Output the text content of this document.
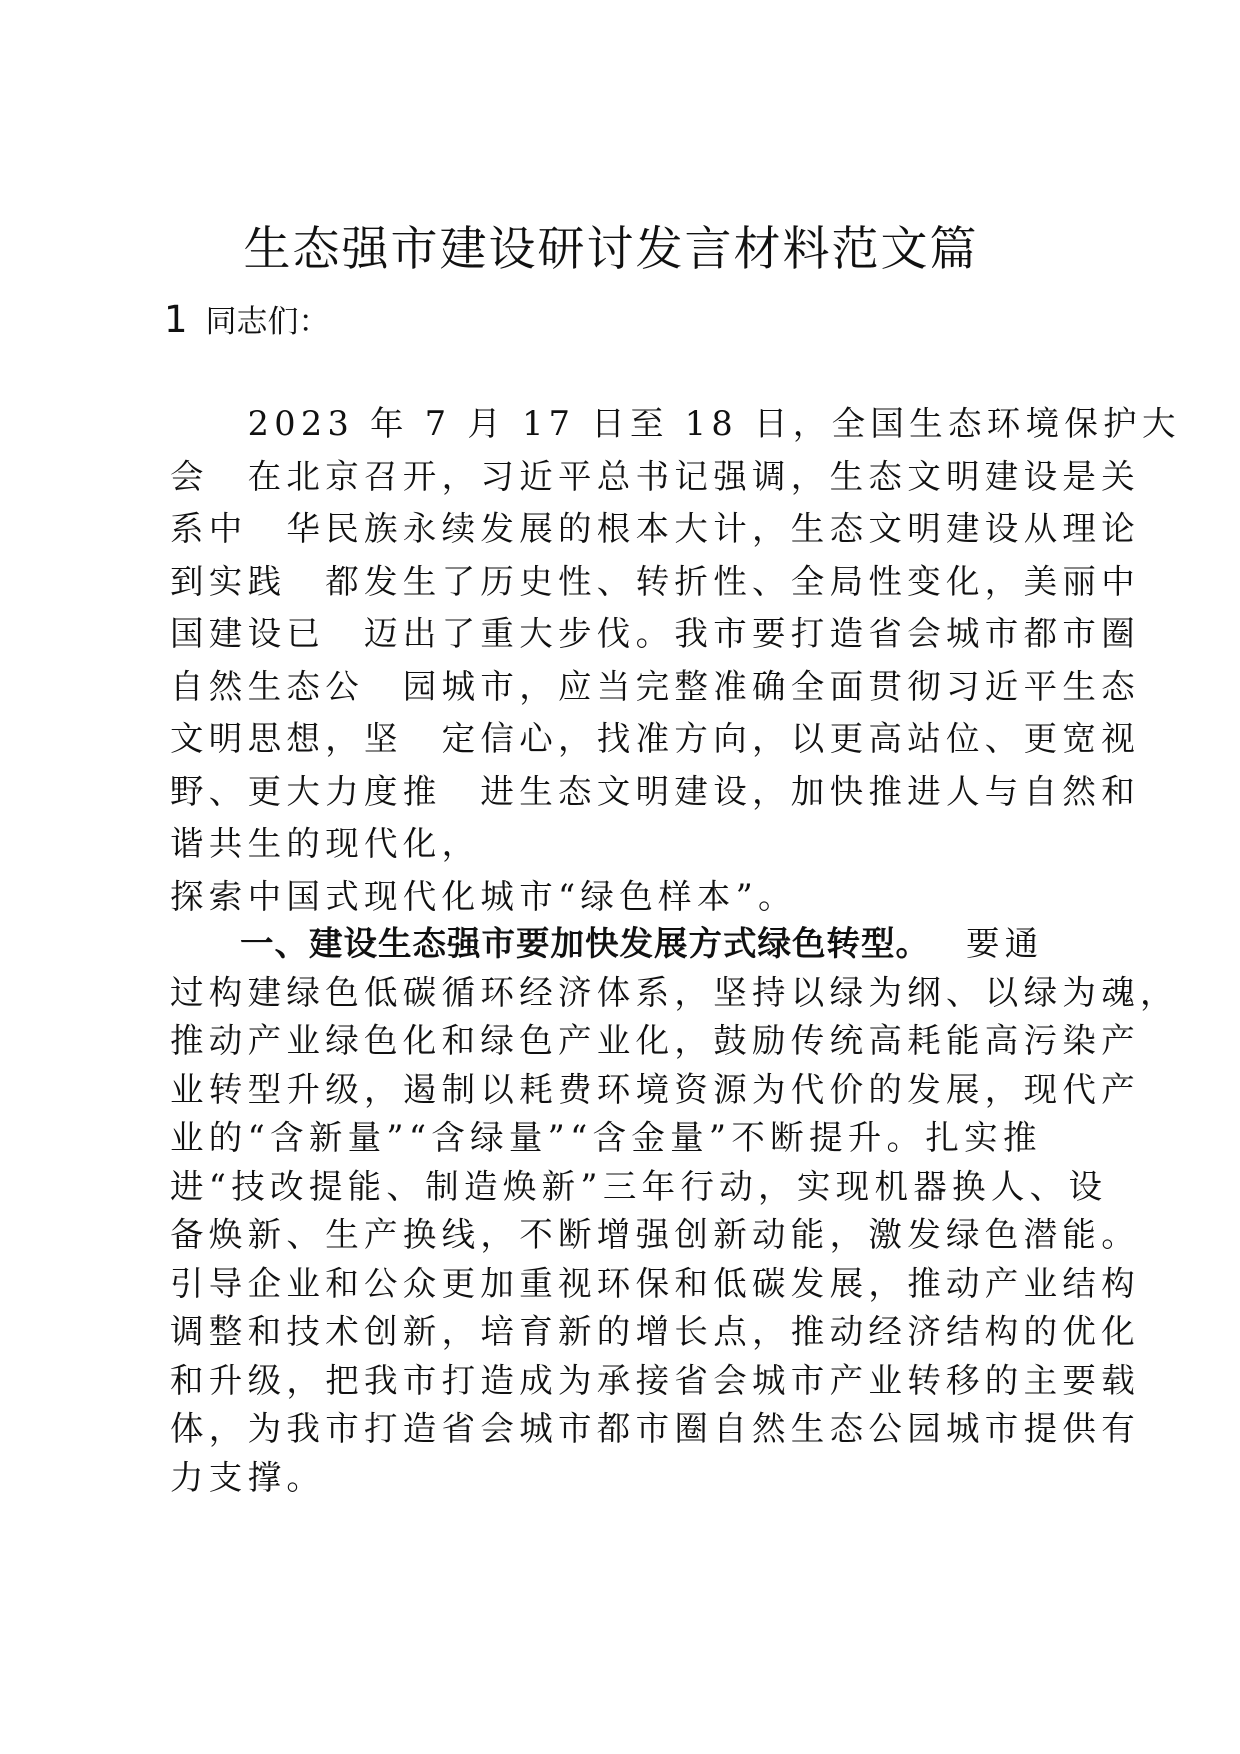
生态强市建设研讨发言材料范文篇
1 同志们：
　　2023 年 7 月 17 日至 18 日，全国生态环境保护大
会　在北京召开，习近平总书记强调，生态文明建设是关
系中　华民族永续发展的根本大计，生态文明建设从理论
到实践　都发生了历史性、转折性、全局性变化，美丽中
国建设已　迈出了重大步伐。我市要打造省会城市都市圈
自然生态公　园城市，应当完整准确全面贯彻习近平生态
文明思想，坚　定信心，找准方向，以更高站位、更宽视
野、更大力度推　进生态文明建设，加快推进人与自然和
谐共生的现代化，
探索中国式现代化城市“绿色样本”。
一、建设生态强市要加快发展方式绿色转型。 要通
过构建绿色低碳循环经济体系，坚持以绿为纲、以绿为魂，
推动产业绿色化和绿色产业化，鼓励传统高耗能高污染产
业转型升级，遏制以耗费环境资源为代价的发展，现代产
业的“含新量”“含绿量”“含金量”不断提升。扎实推
进“技改提能、制造焕新”三年行动，实现机器换人、设
备焕新、生产换线，不断增强创新动能，激发绿色潜能。
引导企业和公众更加重视环保和低碳发展，推动产业结构
调整和技术创新，培育新的增长点，推动经济结构的优化
和升级，把我市打造成为承接省会城市产业转移的主要载
体，为我市打造省会城市都市圈自然生态公园城市提供有
力支撑。
